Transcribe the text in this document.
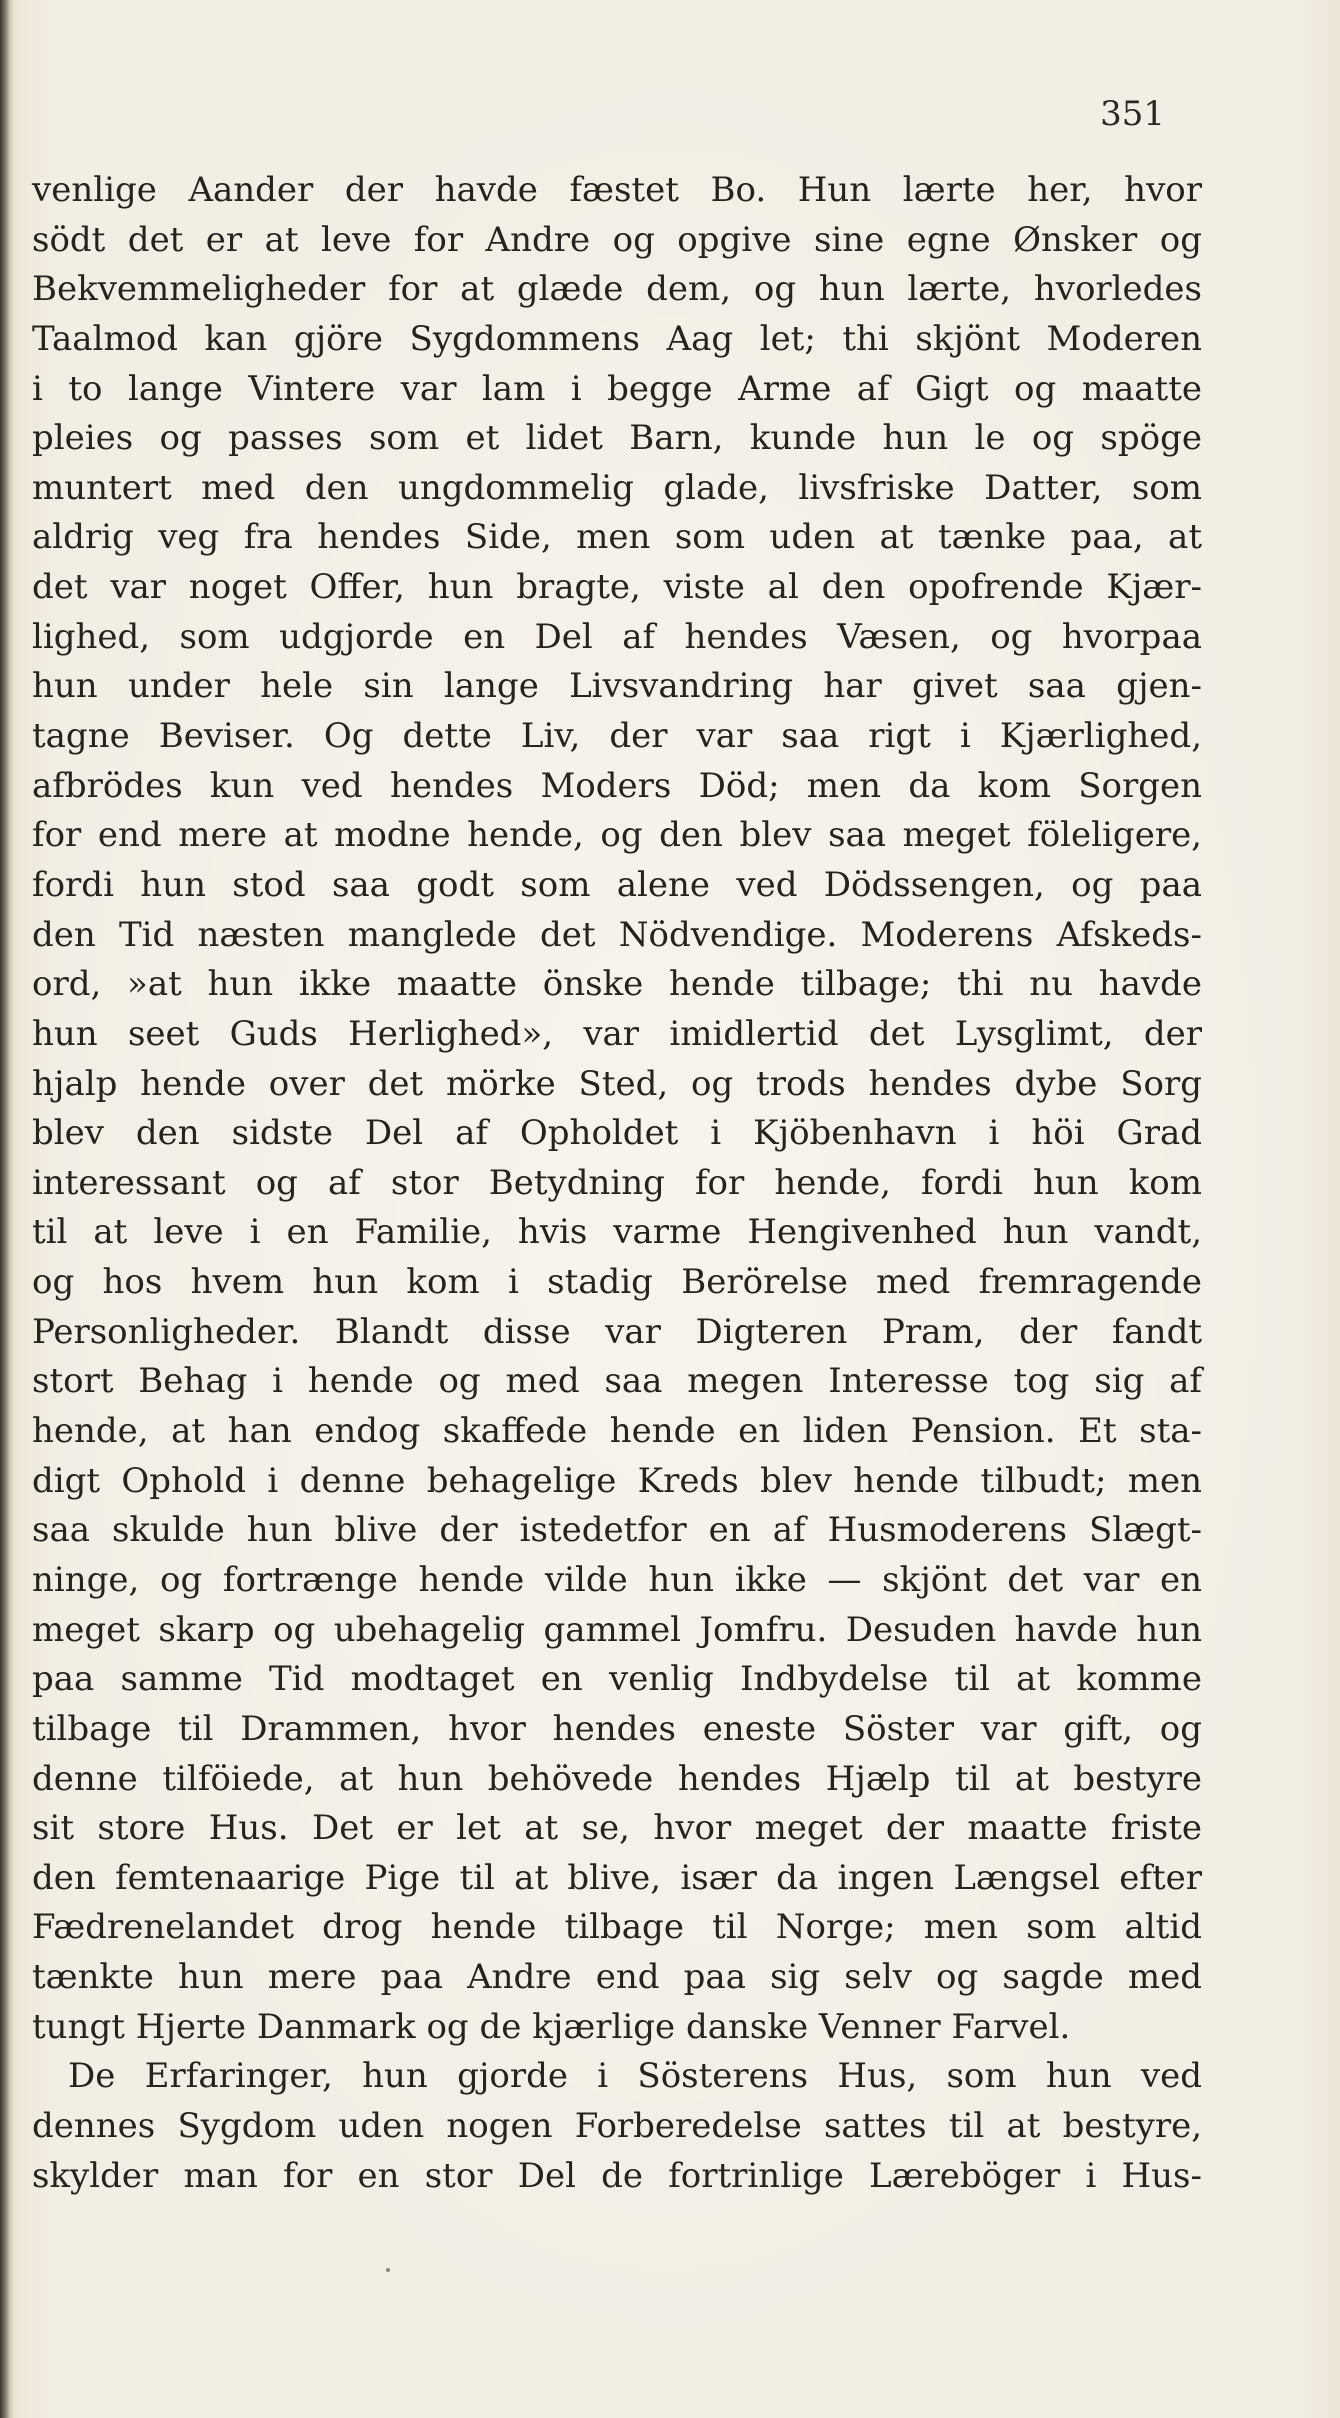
351
venlige Aander der havde fæstet Bo. Hun lærte her, hvor
södt det er at leve for Andre og opgive sine egne Ønsker og
Bekvemmeligheder for at glæde dem, og hun lærte, hvorledes
Taalmod kan gjöre Sygdommens Aag let; thi skjönt Moderen
i to lange Vintere var lam i begge Arme af Gigt og maatte
pleies og passes som et lidet Barn, kunde hun le og spöge
muntert med den ungdommelig glade, livsfriske Datter, som
aldrig veg fra hendes Side, men som uden at tænke paa, at
det var noget Offer, hun bragte, viste al den opofrende Kjær-
lighed, som udgjorde en Del af hendes Væsen, og hvorpaa
hun under hele sin lange Livsvandring har givet saa gjen-
tagne Beviser. Og dette Liv, der var saa rigt i Kjærlighed,
afbrödes kun ved hendes Moders Död; men da kom Sorgen
for end mere at modne hende, og den blev saa meget föleligere,
fordi hun stod saa godt som alene ved Dödssengen, og paa
den Tid næsten manglede det Nödvendige. Moderens Afskeds-
ord, »at hun ikke maatte önske hende tilbage; thi nu havde
hun seet Guds Herlighed», var imidlertid det Lysglimt, der
hjalp hende over det mörke Sted, og trods hendes dybe Sorg
blev den sidste Del af Opholdet i Kjöbenhavn i höi Grad
interessant og af stor Betydning for hende, fordi hun kom
til at leve i en Familie, hvis varme Hengivenhed hun vandt,
og hos hvem hun kom i stadig Berörelse med fremragende
Personligheder. Blandt disse var Digteren Pram, der fandt
stort Behag i hende og med saa megen Interesse tog sig af
hende, at han endog skaffede hende en liden Pension. Et sta-
digt Ophold i denne behagelige Kreds blev hende tilbudt; men
saa skulde hun blive der istedetfor en af Husmoderens Slægt-
ninge, og fortrænge hende vilde hun ikke — skjönt det var en
meget skarp og ubehagelig gammel Jomfru. Desuden havde hun
paa samme Tid modtaget en venlig Indbydelse til at komme
tilbage til Drammen, hvor hendes eneste Söster var gift, og
denne tilföiede, at hun behövede hendes Hjælp til at bestyre
sit store Hus. Det er let at se, hvor meget der maatte friste
den femtenaarige Pige til at blive, især da ingen Længsel efter
Fædrenelandet drog hende tilbage til Norge; men som altid
tænkte hun mere paa Andre end paa sig selv og sagde med
tungt Hjerte Danmark og de kjærlige danske Venner Farvel.
De Erfaringer, hun gjorde i Sösterens Hus, som hun ved
dennes Sygdom uden nogen Forberedelse sattes til at bestyre,
skylder man for en stor Del de fortrinlige Læreböger i Hus-
